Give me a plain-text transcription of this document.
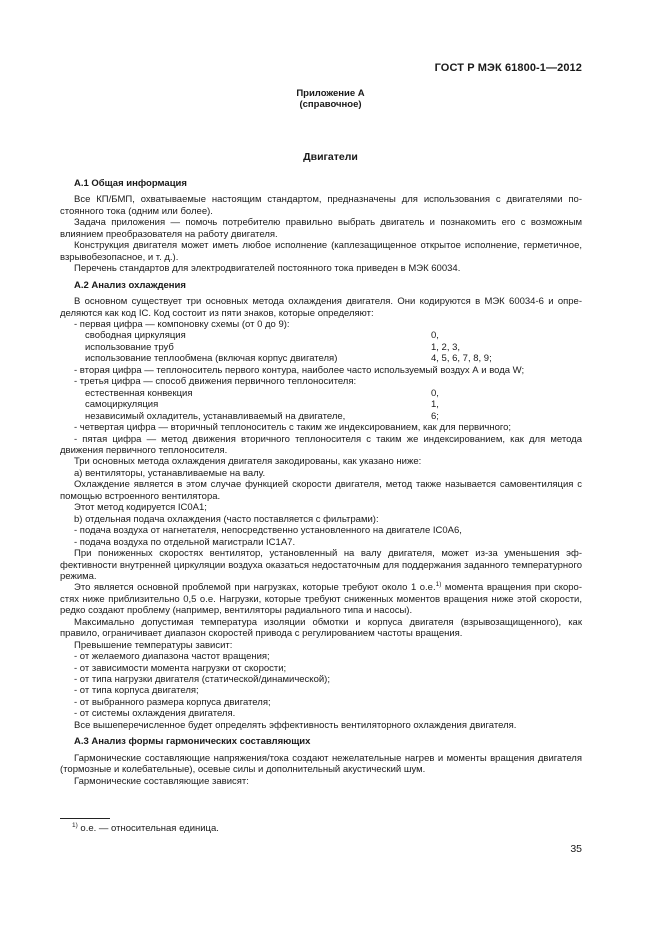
ГОСТ Р МЭК 61800-1—2012
Приложение А
(справочное)
Двигатели
А.1 Общая информация
Все КП/БМП, охватываемые настоящим стандартом, предназначены для использования с двигателями постоянного тока (одним или более).
Задача приложения — помочь потребителю правильно выбрать двигатель и познакомить его с возможным влиянием преобразователя на работу двигателя.
Конструкция двигателя может иметь любое исполнение (каплезащищенное открытое исполнение, герметичное, взрывобезопасное, и т. д.).
Перечень стандартов для электродвигателей постоянного тока приведен в МЭК 60034.
А.2 Анализ охлаждения
В основном существует три основных метода охлаждения двигателя. Они кодируются в МЭК 60034-6 и определяются как код IC. Код состоит из пяти знаков, которые определяют:
- первая цифра — компоновку схемы (от 0 до 9):
свободная циркуляция	0,
использование труб	1, 2, 3,
использование теплообмена (включая корпус двигателя)	4, 5, 6, 7, 8, 9;
- вторая цифра — теплоноситель первого контура, наиболее часто используемый воздух А и вода W;
- третья цифра — способ движения первичного теплоносителя:
естественная конвекция	0,
самоциркуляция	1,
независимый охладитель, устанавливаемый на двигателе,	6;
- четвертая цифра — вторичный теплоноситель с таким же индексированием, как для первичного;
- пятая цифра — метод движения вторичного теплоносителя с таким же индексированием, как для метода движения первичного теплоносителя.
Три основных метода охлаждения двигателя закодированы, как указано ниже:
а) вентиляторы, устанавливаемые на валу.
Охлаждение является в этом случае функцией скорости двигателя, метод также называется самовентиляция с помощью встроенного вентилятора.
Этот метод кодируется IC0A1;
b) отдельная подача охлаждения (часто поставляется с фильтрами):
- подача воздуха от нагнетателя, непосредственно установленного на двигателе IC0A6,
- подача воздуха по отдельной магистрали IC1A7.
При пониженных скоростях вентилятор, установленный на валу двигателя, может из-за уменьшения эффективности внутренней циркуляции воздуха оказаться недостаточным для поддержания заданного температурного режима.
Это является основной проблемой при нагрузках, которые требуют около 1 о.е.$^{1)}$ момента вращения при скоростях ниже приблизительно 0,5 о.е. Нагрузки, которые требуют сниженных моментов вращения ниже этой скорости, редко создают проблему (например, вентиляторы радиального типа и насосы).
Максимально допустимая температура изоляции обмотки и корпуса двигателя (взрывозащищенного), как правило, ограничивает диапазон скоростей привода с регулированием частоты вращения.
Превышение температуры зависит:
- от желаемого диапазона частот вращения;
- от зависимости момента нагрузки от скорости;
- от типа нагрузки двигателя (статической/динамической);
- от типа корпуса двигателя;
- от выбранного размера корпуса двигателя;
- от системы охлаждения двигателя.
Все вышеперечисленное будет определять эффективность вентиляторного охлаждения двигателя.
А.3 Анализ формы гармонических составляющих
Гармонические составляющие напряжения/тока создают нежелательные нагрев и моменты вращения двигателя (тормозные и колебательные), осевые силы и дополнительный акустический шум.
Гармонические составляющие зависят:
$^{1)}$ о.е. — относительная единица.
35
